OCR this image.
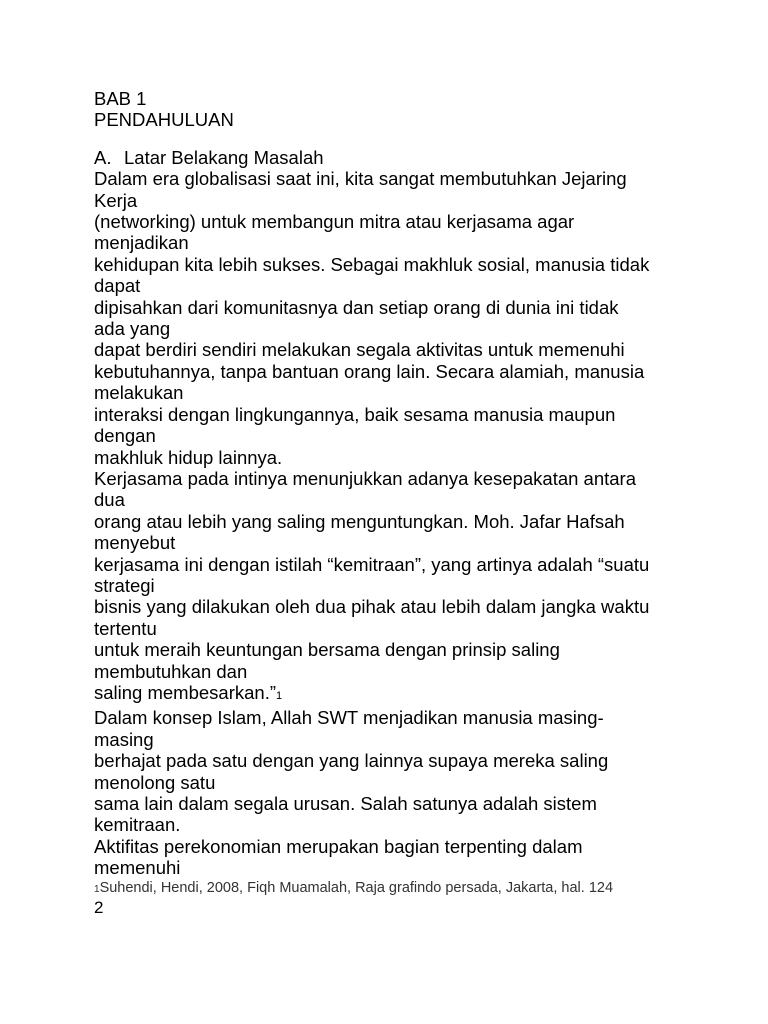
BAB 1
PENDAHULUAN
A. Latar Belakang Masalah
Dalam era globalisasi saat ini, kita sangat membutuhkan Jejaring
Kerja
(networking) untuk membangun mitra atau kerjasama agar
menjadikan
kehidupan kita lebih sukses. Sebagai makhluk sosial, manusia tidak
dapat
dipisahkan dari komunitasnya dan setiap orang di dunia ini tidak
ada yang
dapat berdiri sendiri melakukan segala aktivitas untuk memenuhi
kebutuhannya, tanpa bantuan orang lain. Secara alamiah, manusia
melakukan
interaksi dengan lingkungannya, baik sesama manusia maupun
dengan
makhluk hidup lainnya.
Kerjasama pada intinya menunjukkan adanya kesepakatan antara
dua
orang atau lebih yang saling menguntungkan. Moh. Jafar Hafsah
menyebut
kerjasama ini dengan istilah “kemitraan”, yang artinya adalah “suatu
strategi
bisnis yang dilakukan oleh dua pihak atau lebih dalam jangka waktu
tertentu
untuk meraih keuntungan bersama dengan prinsip saling
membutuhkan dan
saling membesarkan.”1
Dalam konsep Islam, Allah SWT menjadikan manusia masing-
masing
berhajat pada satu dengan yang lainnya supaya mereka saling
menolong satu
sama lain dalam segala urusan. Salah satunya adalah sistem
kemitraan.
Aktifitas perekonomian merupakan bagian terpenting dalam
memenuhi
1Suhendi, Hendi, 2008, Fiqh Muamalah, Raja grafindo persada, Jakarta, hal. 124
2
